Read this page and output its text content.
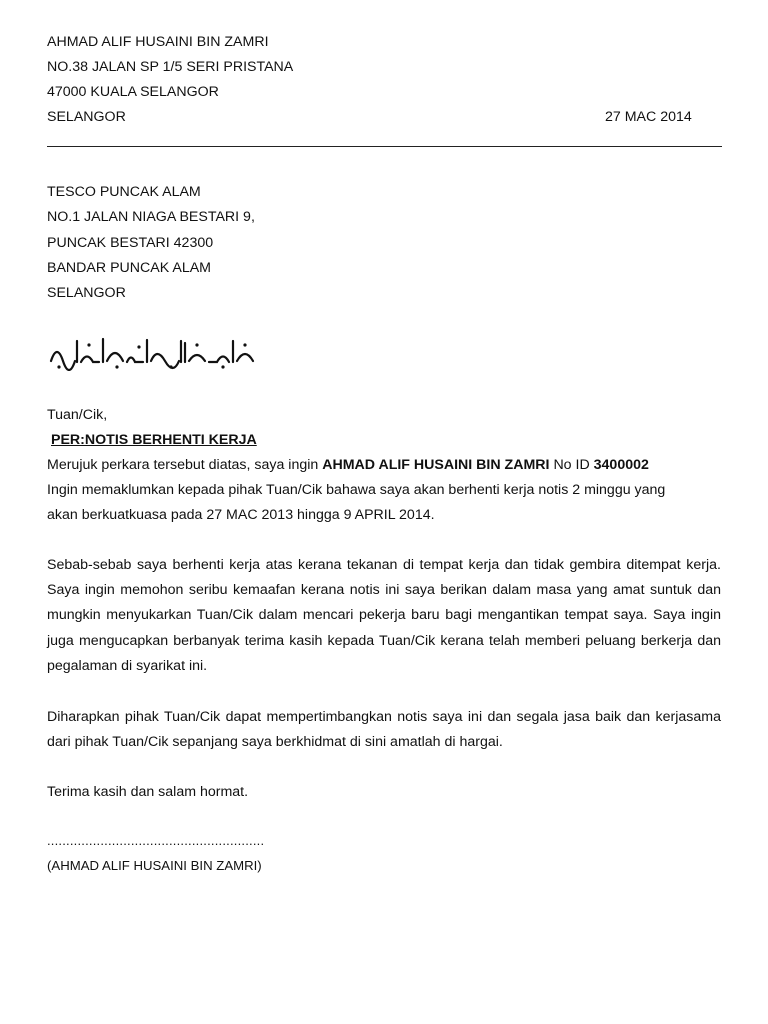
AHMAD ALIF HUSAINI BIN ZAMRI
NO.38 JALAN SP 1/5 SERI PRISTANA
47000 KUALA SELANGOR
SELANGOR	27 MAC 2014
TESCO PUNCAK ALAM
NO.1 JALAN NIAGA BESTARI 9,
PUNCAK BESTARI 42300
BANDAR PUNCAK ALAM
SELANGOR
السلام عليكم ورحمة الله وبركاته
Tuan/Cik,
PER:NOTIS BERHENTI KERJA
Merujuk perkara tersebut diatas, saya ingin AHMAD ALIF HUSAINI BIN ZAMRI No ID 3400002
Ingin memaklumkan kepada pihak Tuan/Cik bahawa saya akan berhenti kerja notis 2 minggu yang
akan berkuatkuasa pada 27 MAC 2013 hingga 9 APRIL 2014.
Sebab-sebab saya berhenti kerja atas kerana tekanan di tempat kerja dan tidak gembira ditempat kerja. Saya ingin memohon seribu kemaafan kerana notis ini saya berikan dalam masa yang amat suntuk dan mungkin menyukarkan Tuan/Cik dalam mencari pekerja baru bagi mengantikan tempat saya. Saya ingin juga mengucapkan berbanyak terima kasih kepada Tuan/Cik kerana telah memberi peluang berkerja dan pegalaman di syarikat ini.
Diharapkan pihak Tuan/Cik dapat mempertimbangkan notis saya ini dan segala jasa baik dan kerjasama dari pihak Tuan/Cik sepanjang saya berkhidmat di sini amatlah di hargai.
Terima kasih dan salam hormat.
.........................................................
(AHMAD ALIF HUSAINI BIN ZAMRI)
